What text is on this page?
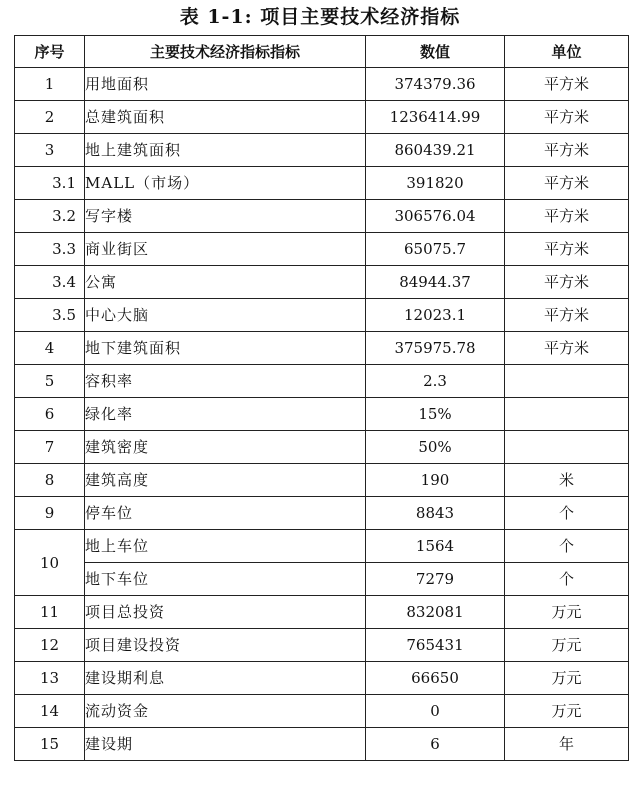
表 1-1: 项目主要技术经济指标
序号	主要技术经济指标指标	数值	单位
1	用地面积	374379.36	平方米
2	总建筑面积	1236414.99	平方米
3	地上建筑面积	860439.21	平方米
3.1	MALL（市场）	391820	平方米
3.2	写字楼	306576.04	平方米
3.3	商业街区	65075.7	平方米
3.4	公寓	84944.37	平方米
3.5	中心大脑	12023.1	平方米
4	地下建筑面积	375975.78	平方米
5	容积率	2.3	
6	绿化率	15%	
7	建筑密度	50%	
8	建筑高度	190	米
9	停车位	8843	个
10	地上车位	1564	个
	地下车位	7279	个
11	项目总投资	832081	万元
12	项目建设投资	765431	万元
13	建设期利息	66650	万元
14	流动资金	0	万元
15	建设期	6	年
